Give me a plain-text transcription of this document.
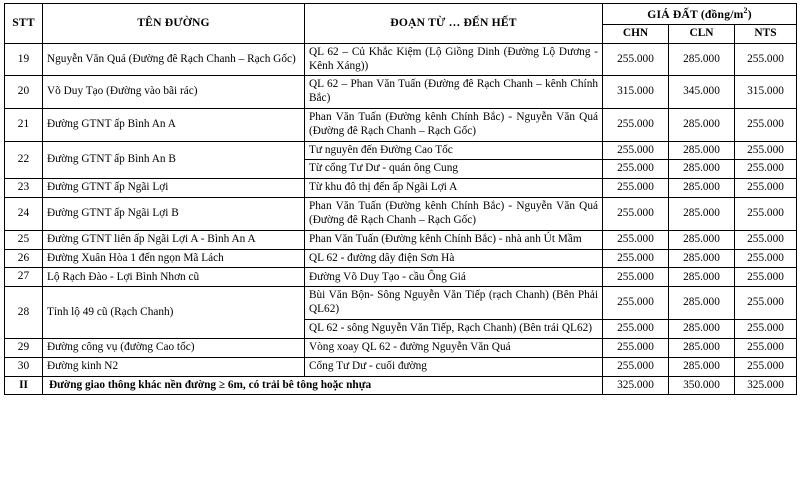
STT	TÊN ĐƯỜNG	ĐOẠN TỪ … ĐẾN HẾT	GIÁ ĐẤT $(đồng/m^2)$		
			CHN	CLN	NTS
19	Nguyễn Văn Quá (Đường đê Rạch Chanh – Rạch Gốc)	QL 62 – Củ Khắc Kiệm (Lộ Giồng Dinh (Đường Lộ Dương - Kênh Xáng))	255.000	285.000	255.000
20	Võ Duy Tạo (Đường vào bãi rác)	QL 62 – Phan Văn Tuấn (Đường đê Rạch Chanh – kênh Chính Bắc)	315.000	345.000	315.000
21	Đường GTNT ấp Bình An A	Phan Văn Tuấn (Đường kênh Chính Bắc) - Nguyễn Văn Quá (Đường đê Rạch Chanh – Rạch Gốc)	255.000	285.000	255.000
22	Đường GTNT ấp Bình An B	Tư nguyên đến Đường Cao Tốc	255.000	285.000	255.000
		Từ cổng Tư Dư - quán ông Cung	255.000	285.000	255.000
23	Đường GTNT ấp Ngãi Lợi	Từ khu đô thị đến ấp Ngãi Lợi A	255.000	285.000	255.000
24	Đường GTNT ấp Ngãi Lợi B	Phan Văn Tuấn (Đường kênh Chính Bắc) - Nguyễn Văn Quá (Đường đê Rạch Chanh – Rạch Gốc)	255.000	285.000	255.000
25	Đường GTNT liên ấp Ngãi Lợi A - Bình An A	Phan Văn Tuấn (Đường kênh Chính Bắc) - nhà anh Út Mầm	255.000	285.000	255.000
26	Đường Xuân Hòa 1 đến ngọn Mã Lách	QL 62 - đường dây điện Sơn Hà	255.000	285.000	255.000
27	Lộ Rạch Đào - Lợi Bình Nhơn cũ	Đường Võ Duy Tạo - cầu Ông Giá	255.000	285.000	255.000
28	Tỉnh lộ 49 cũ (Rạch Chanh)	Bùi Văn Bộn- Sông Nguyễn Văn Tiếp (rạch Chanh) (Bên Phải QL62)	255.000	285.000	255.000
		QL 62 - sông Nguyễn Văn Tiếp, Rạch Chanh) (Bên trái QL62)	255.000	285.000	255.000
29	Đường công vụ (đường Cao tốc)	Vòng xoay QL 62 - đường Nguyễn Văn Quá	255.000	285.000	255.000
30	Đường kinh N2	Cổng Tư Dư - cuối đường	255.000	285.000	255.000
II	Đường giao thông khác nền đường ≥ 6m, có trải bê tông hoặc nhựa		325.000	350.000	325.000
